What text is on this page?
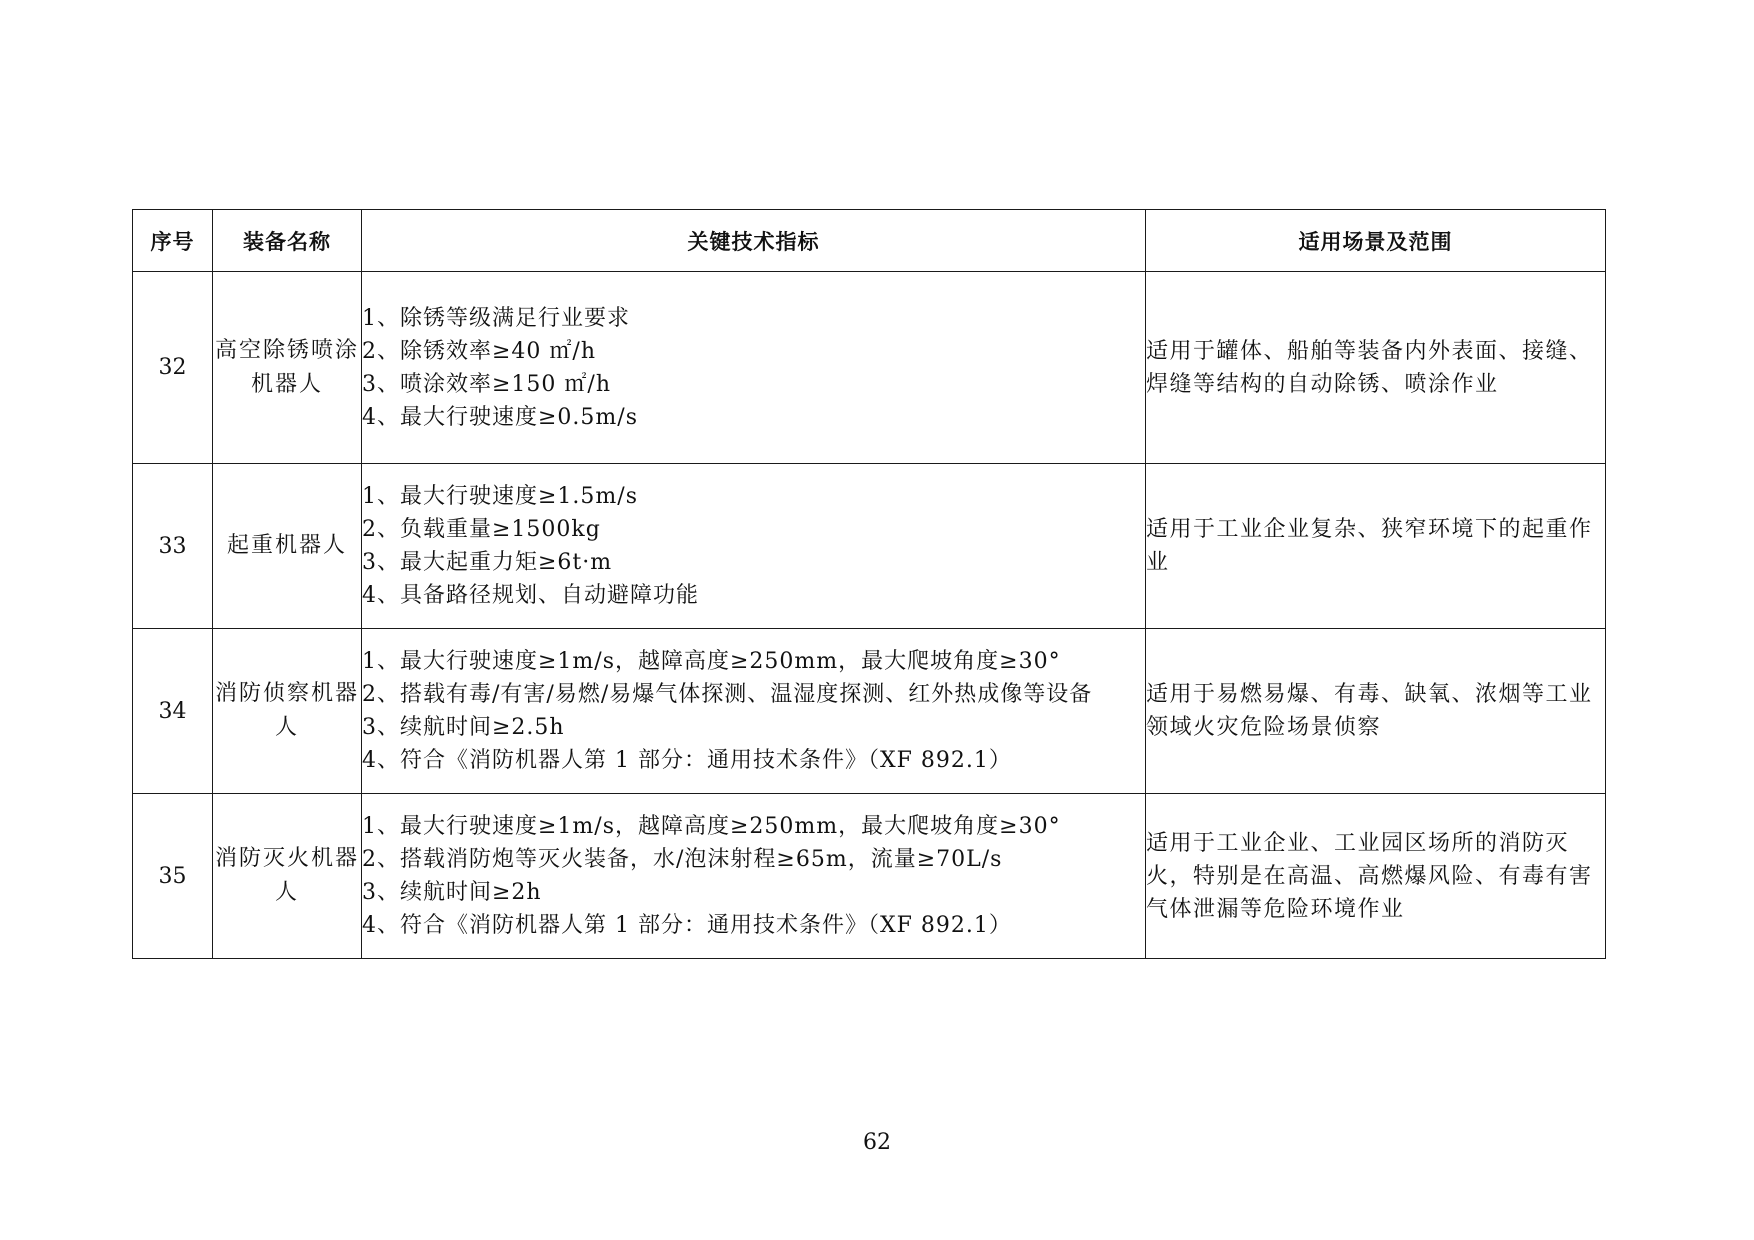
序号	装备名称	关键技术指标	适用场景及范围
32	高空除锈喷涂机器人	1、除锈等级满足行业要求
2、除锈效率≥40 ㎡/h
3、喷涂效率≥150 ㎡/h
4、最大行驶速度≥0.5m/s	适用于罐体、船舶等装备内外表面、接缝、焊缝等结构的自动除锈、喷涂作业
33	起重机器人	1、最大行驶速度≥1.5m/s
2、负载重量≥1500kg
3、最大起重力矩≥6t·m
4、具备路径规划、自动避障功能	适用于工业企业复杂、狭窄环境下的起重作业
34	消防侦察机器人	1、最大行驶速度≥1m/s，越障高度≥250mm，最大爬坡角度≥30°
2、搭载有毒/有害/易燃/易爆气体探测、温湿度探测、红外热成像等设备
3、续航时间≥2.5h
4、符合《消防机器人第 1 部分：通用技术条件》（XF 892.1）	适用于易燃易爆、有毒、缺氧、浓烟等工业领域火灾危险场景侦察
35	消防灭火机器人	1、最大行驶速度≥1m/s，越障高度≥250mm，最大爬坡角度≥30°
2、搭载消防炮等灭火装备，水/泡沫射程≥65m，流量≥70L/s
3、续航时间≥2h
4、符合《消防机器人第 1 部分：通用技术条件》（XF 892.1）	适用于工业企业、工业园区场所的消防灭火，特别是在高温、高燃爆风险、有毒有害气体泄漏等危险环境作业
62
